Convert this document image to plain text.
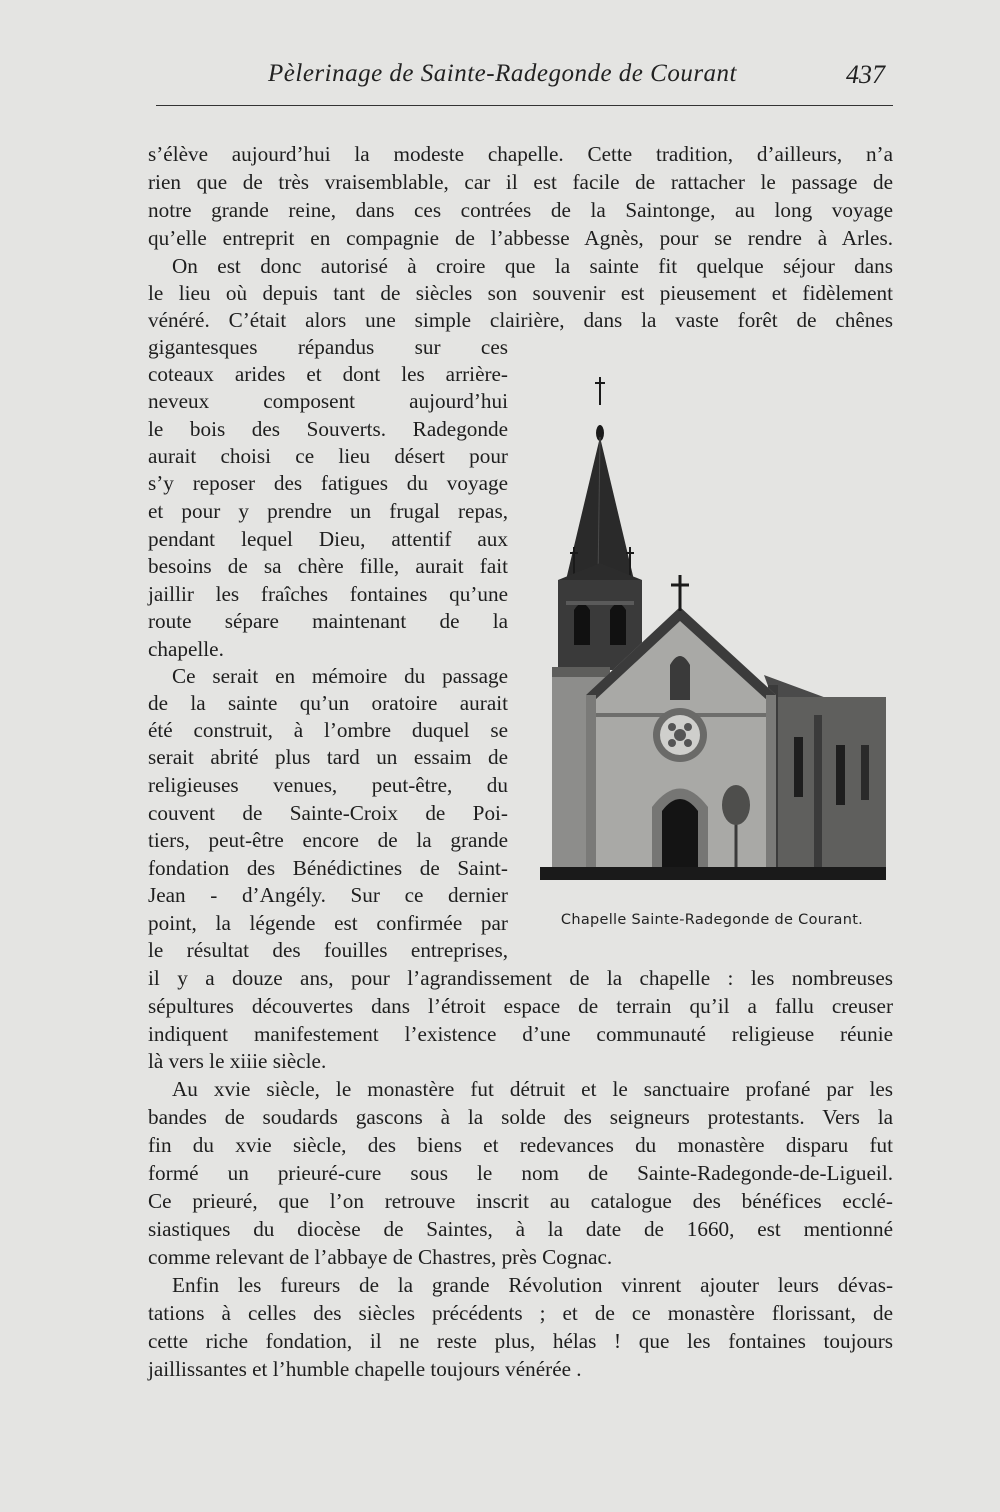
Pèlerinage de Sainte-Radegonde de Courant	437
s’élève aujourd’hui la modeste chapelle. Cette tradition, d’ailleurs, n’a
rien que de très vraisemblable, car il est facile de rattacher le passage de
notre grande reine, dans ces contrées de la Saintonge, au long voyage
qu’elle entreprit en compagnie de l’abbesse Agnès, pour se rendre à Arles.
On est donc autorisé à croire que la sainte fit quelque séjour dans
le lieu où depuis tant de siècles son souvenir est pieusement et fidèlement
vénéré. C’était alors une simple clairière, dans la vaste forêt de chênes
gigantesques répandus sur ces
coteaux arides et dont les arrière-
neveux composent aujourd’hui
le bois des Souverts. Radegonde
aurait choisi ce lieu désert pour
s’y reposer des fatigues du voyage
et pour y prendre un frugal repas,
pendant lequel Dieu, attentif aux
besoins de sa chère fille, aurait fait
jaillir les fraîches fontaines qu’une
route sépare maintenant de la
chapelle.
Ce serait en mémoire du passage
de la sainte qu’un oratoire aurait
été construit, à l’ombre duquel se
serait abrité plus tard un essaim de
religieuses venues, peut-être, du
couvent de Sainte-Croix de Poi-
tiers, peut-être encore de la grande
fondation des Bénédictines de Saint-
Jean - d’Angély. Sur ce dernier
point, la légende est confirmée par
le résultat des fouilles entreprises,
il y a douze ans, pour l’agrandissement de la chapelle : les nombreuses
sépultures découvertes dans l’étroit espace de terrain qu’il a fallu creuser
indiquent manifestement l’existence d’une communauté religieuse réunie
là vers le xiiie siècle.
Au xvie siècle, le monastère fut détruit et le sanctuaire profané par les
bandes de soudards gascons à la solde des seigneurs protestants. Vers la
fin du xvie siècle, des biens et redevances du monastère disparu fut
formé un prieuré-cure sous le nom de Sainte-Radegonde-de-Ligueil.
Ce prieuré, que l’on retrouve inscrit au catalogue des bénéfices ecclé-
siastiques du diocèse de Saintes, à la date de 1660, est mentionné
comme relevant de l’abbaye de Chastres, près Cognac.
Enfin les fureurs de la grande Révolution vinrent ajouter leurs dévas-
tations à celles des siècles précédents ; et de ce monastère florissant, de
cette riche fondation, il ne reste plus, hélas ! que les fontaines toujours
jaillissantes et l’humble chapelle toujours vénérée .
Chapelle Sainte-Radegonde de Courant.
